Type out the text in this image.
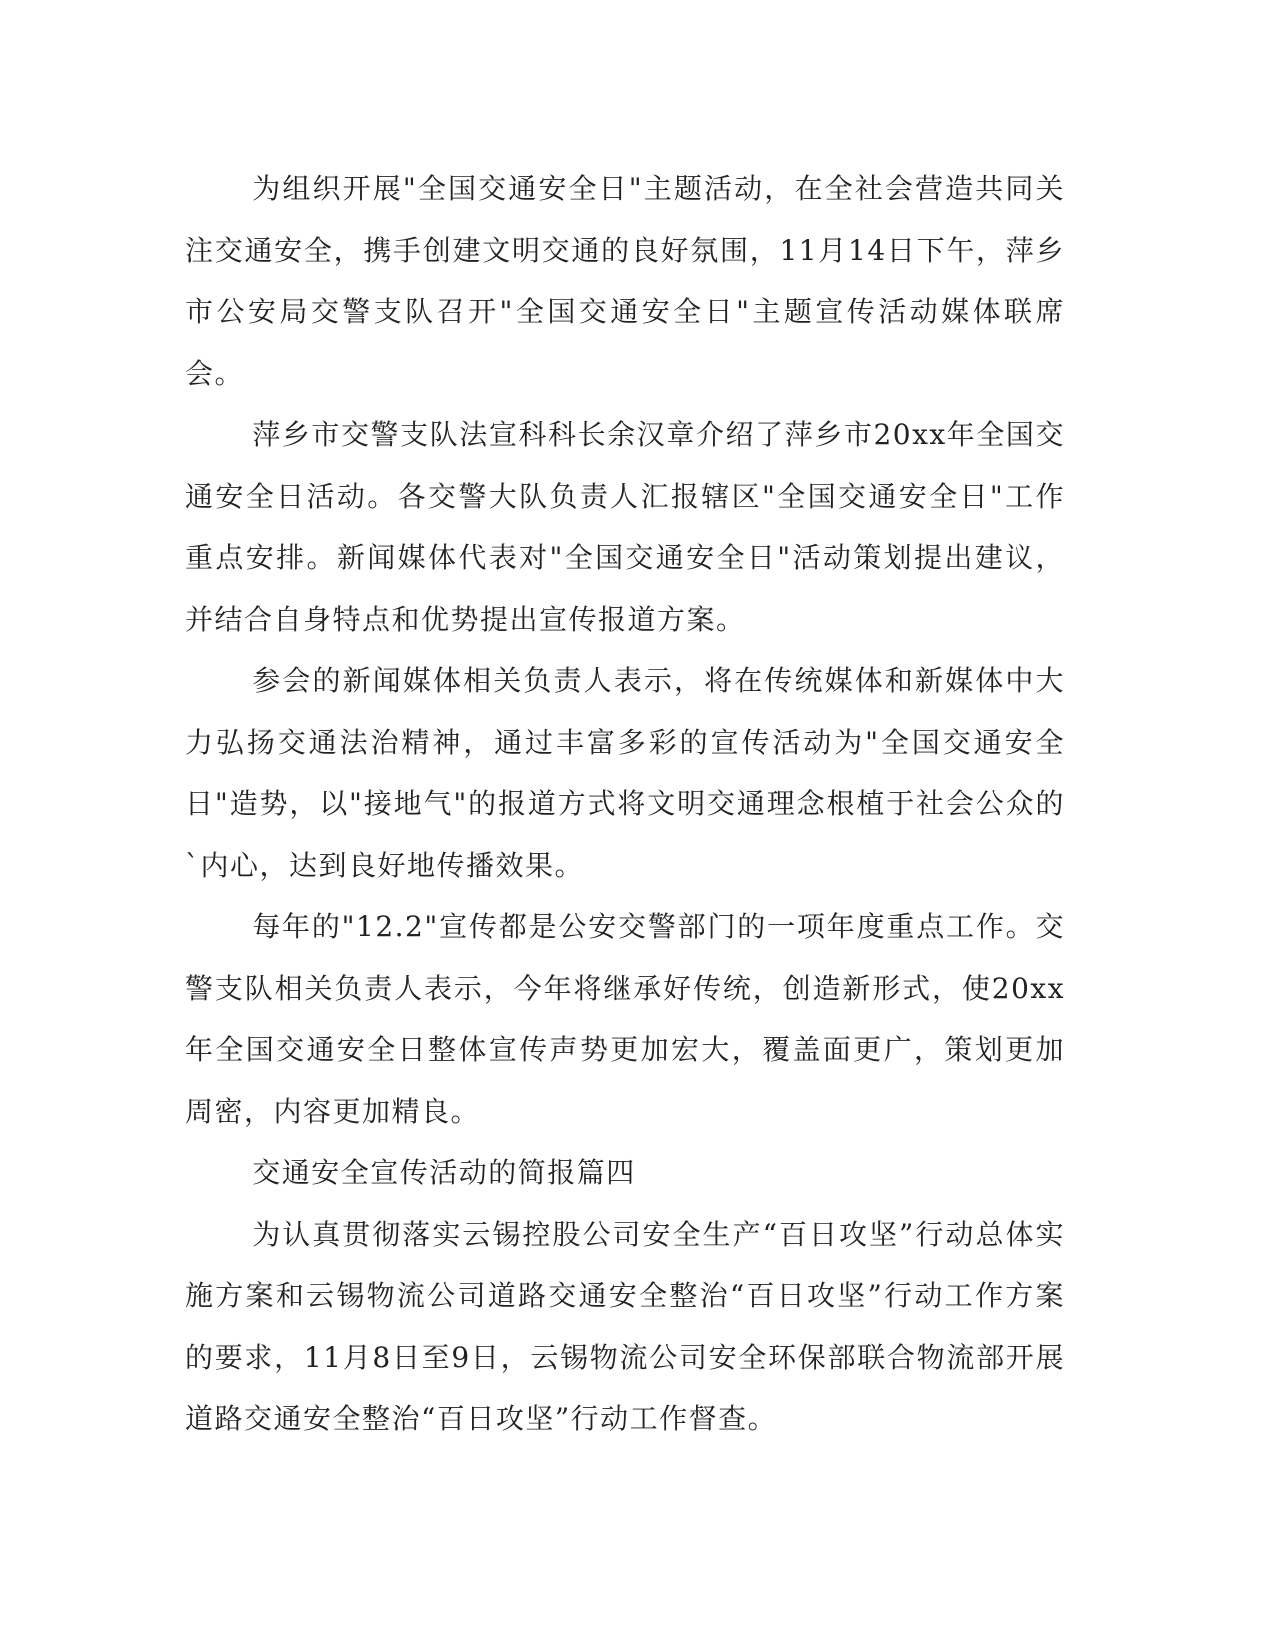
为组织开展"全国交通安全日"主题活动，在全社会营造共同关注交通安全，携手创建文明交通的良好氛围，11月14日下午，萍乡市公安局交警支队召开"全国交通安全日"主题宣传活动媒体联席会。

萍乡市交警支队法宣科科长余汉章介绍了萍乡市20xx年全国交通安全日活动。各交警大队负责人汇报辖区"全国交通安全日"工作重点安排。新闻媒体代表对"全国交通安全日"活动策划提出建议，并结合自身特点和优势提出宣传报道方案。

参会的新闻媒体相关负责人表示，将在传统媒体和新媒体中大力弘扬交通法治精神，通过丰富多彩的宣传活动为"全国交通安全日"造势，以"接地气"的报道方式将文明交通理念根植于社会公众的`内心，达到良好地传播效果。

每年的"12.2"宣传都是公安交警部门的一项年度重点工作。交警支队相关负责人表示，今年将继承好传统，创造新形式，使20xx年全国交通安全日整体宣传声势更加宏大，覆盖面更广，策划更加周密，内容更加精良。

交通安全宣传活动的简报篇四

为认真贯彻落实云锡控股公司安全生产“百日攻坚”行动总体实施方案和云锡物流公司道路交通安全整治“百日攻坚”行动工作方案的要求，11月8日至9日，云锡物流公司安全环保部联合物流部开展道路交通安全整治“百日攻坚”行动工作督查。
